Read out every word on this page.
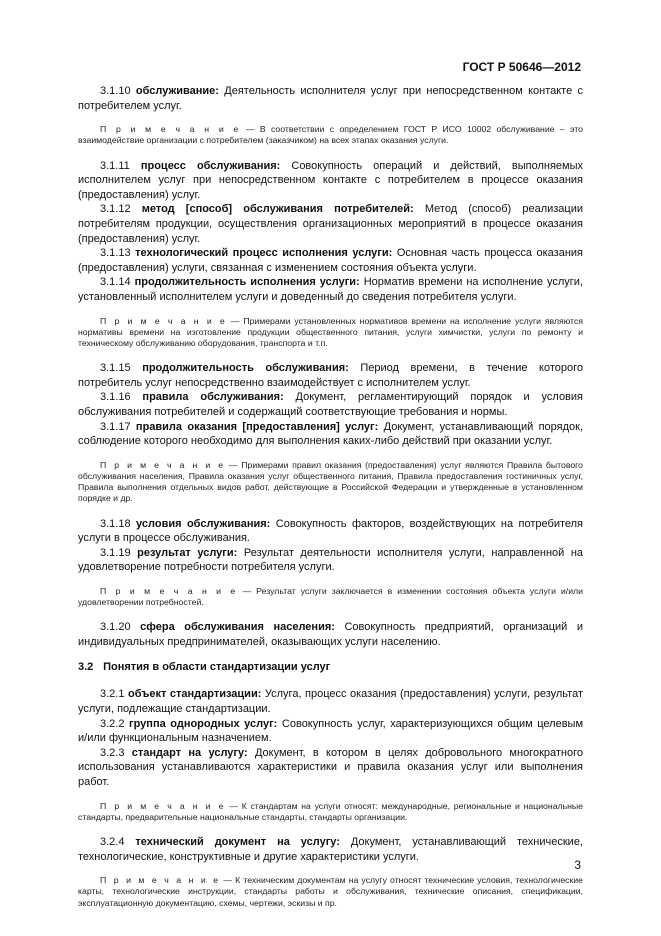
ГОСТ Р 50646—2012

3.1.10 обслуживание: Деятельность исполнителя услуг при непосредственном контакте с потребителем услуг.

П р и м е ч а н и е — В соответствии с определением ГОСТ Р ИСО 10002 обслуживание – это взаимодействие организации с потребителем (заказчиком) на всех этапах оказания услуги.

3.1.11 процесс обслуживания: Совокупность операций и действий, выполняемых исполнителем услуг при непосредственном контакте с потребителем в процессе оказания (предоставления) услуг.

3.1.12 метод [способ] обслуживания потребителей: Метод (способ) реализации потребителям продукции, осуществления организационных мероприятий в процессе оказания (предоставления) услуг.

3.1.13 технологический процесс исполнения услуги: Основная часть процесса оказания (предоставления) услуги, связанная с изменением состояния объекта услуги.

3.1.14 продолжительность исполнения услуги: Норматив времени на исполнение услуги, установленный исполнителем услуги и доведенный до сведения потребителя услуги.

П р и м е ч а н и е — Примерами установленных нормативов времени на исполнение услуги являются нормативы времени на изготовление продукции общественного питания, услуги химчистки, услуги по ремонту и техническому обслуживанию оборудования, транспорта и т.п.

3.1.15 продолжительность обслуживания: Период времени, в течение которого потребитель услуг непосредственно взаимодействует с исполнителем услуг.

3.1.16 правила обслуживания: Документ, регламентирующий порядок и условия обслуживания потребителей и содержащий соответствующие требования и нормы.

3.1.17 правила оказания [предоставления] услуг: Документ, устанавливающий порядок, соблюдение которого необходимо для выполнения каких-либо действий при оказании услуг.

П р и м е ч а н и е — Примерами правил оказания (предоставления) услуг являются Правила бытового обслуживания населения, Правила оказания услуг общественного питания, Правила предоставления гостиничных услуг, Правила выполнения отдельных видов работ, действующие в Российской Федерации и утвержденные в установленном порядке и др.

3.1.18 условия обслуживания: Совокупность факторов, воздействующих на потребителя услуги в процессе обслуживания.

3.1.19 результат услуги: Результат деятельности исполнителя услуги, направленной на удовлетворение потребности потребителя услуги.

П р и м е ч а н и е — Результат услуги заключается в изменении состояния объекта услуги и/или удовлетворении потребностей.

3.1.20 сфера обслуживания населения: Совокупность предприятий, организаций и индивидуальных предпринимателей, оказывающих услуги населению.

3.2 Понятия в области стандартизации услуг

3.2.1 объект стандартизации: Услуга, процесс оказания (предоставления) услуги, результат услуги, подлежащие стандартизации.

3.2.2 группа однородных услуг: Совокупность услуг, характеризующихся общим целевым и/или функциональным назначением.

3.2.3 стандарт на услугу: Документ, в котором в целях добровольного многократного использования устанавливаются характеристики и правила оказания услуг или выполнения работ.

П р и м е ч а н и е — К стандартам на услуги относят: международные, региональные и национальные стандарты, предварительные национальные стандарты, стандарты организации.

3.2.4 технический документ на услугу: Документ, устанавливающий технические, технологические, конструктивные и другие характеристики услуги.

П р и м е ч а н и е — К техническим документам на услугу относят технические условия, технологические карты, технологические инструкции, стандарты работы и обслуживания, технические описания, спецификации, эксплуатационную документацию, схемы, чертежи, эскизы и пр.
3
